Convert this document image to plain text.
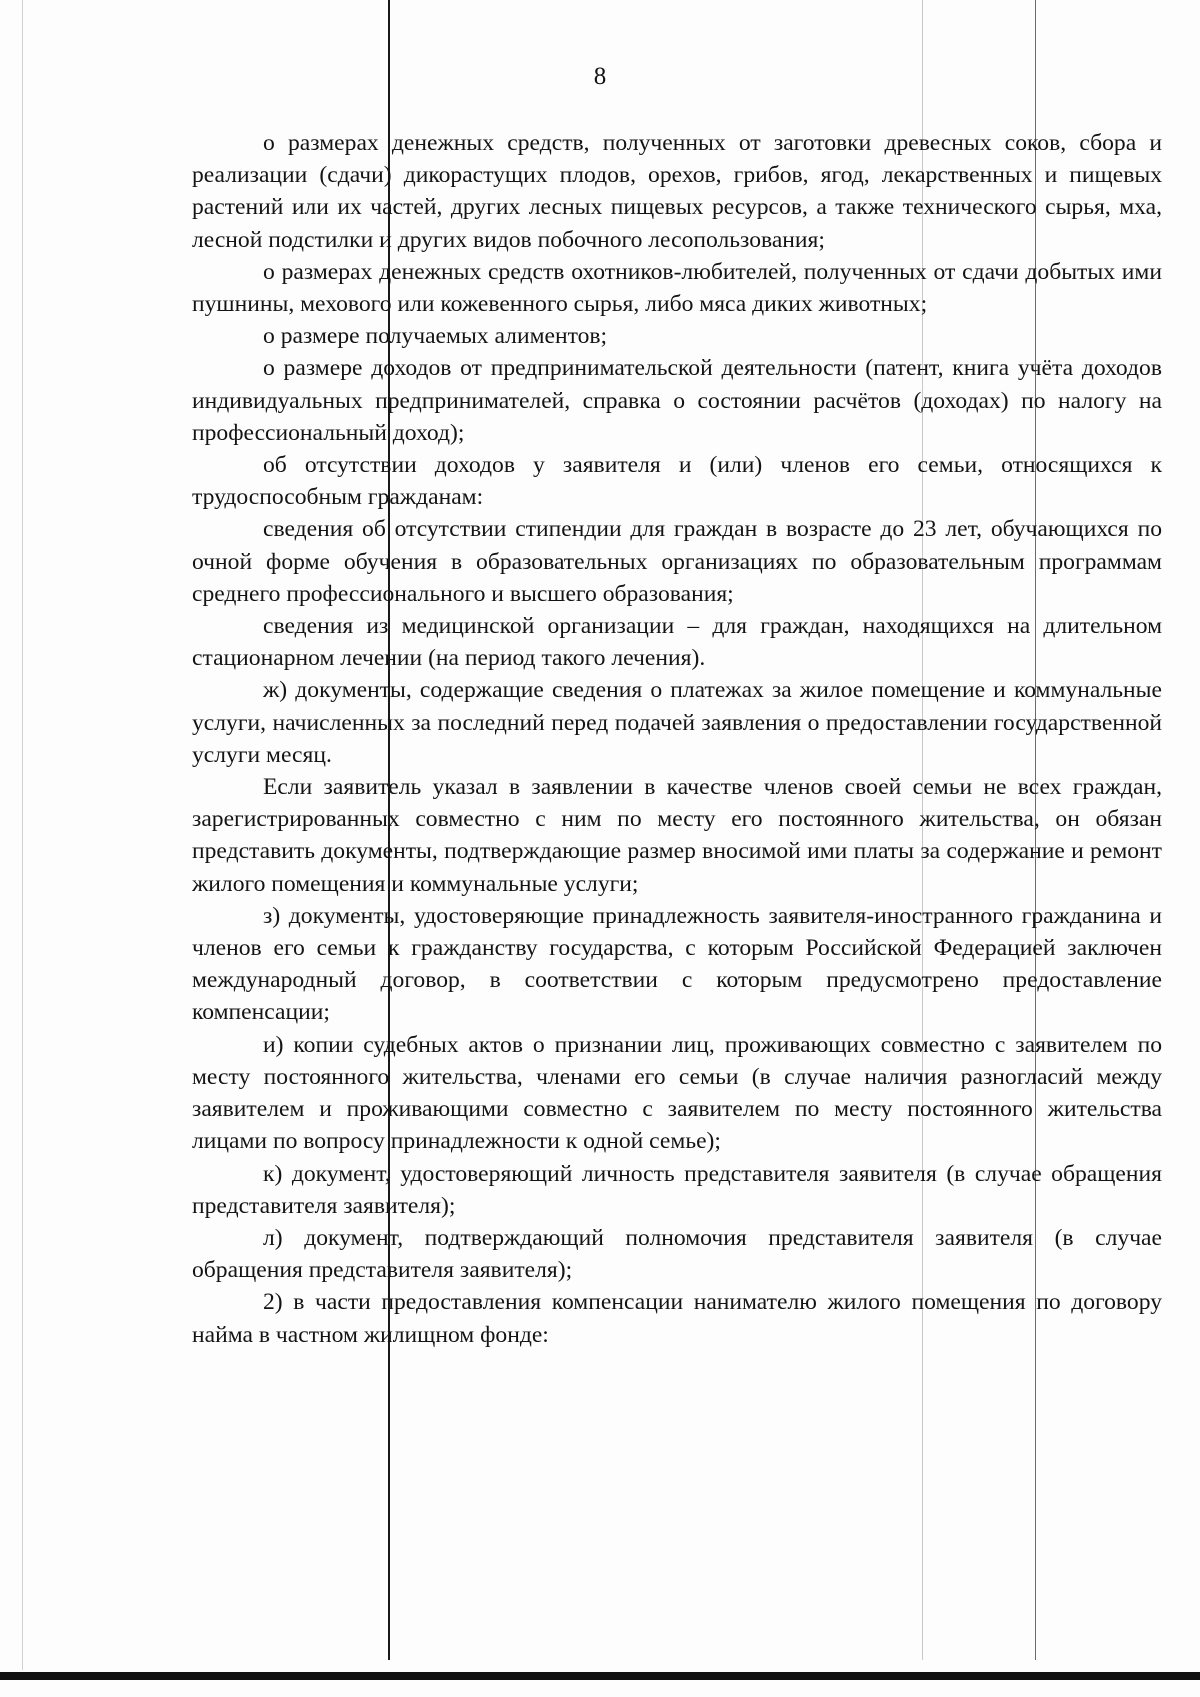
8

о размерах денежных средств, полученных от заготовки древесных соков, сбора и реализации (сдачи) дикорастущих плодов, орехов, грибов, ягод, лекарственных и пищевых растений или их частей, других лесных пищевых ресурсов, а также технического сырья, мха, лесной подстилки и других видов побочного лесопользования;

о размерах денежных средств охотников-любителей, полученных от сдачи добытых ими пушнины, мехового или кожевенного сырья, либо мяса диких животных;

о размере получаемых алиментов;

о размере доходов от предпринимательской деятельности (патент, книга учёта доходов индивидуальных предпринимателей, справка о состоянии расчётов (доходах) по налогу на профессиональный доход);

об отсутствии доходов у заявителя и (или) членов его семьи, относящихся к трудоспособным гражданам:

сведения об отсутствии стипендии для граждан в возрасте до 23 лет, обучающихся по очной форме обучения в образовательных организациях по образовательным программам среднего профессионального и высшего образования;

сведения из медицинской организации – для граждан, находящихся на длительном стационарном лечении (на период такого лечения).

ж) документы, содержащие сведения о платежах за жилое помещение и коммунальные услуги, начисленных за последний перед подачей заявления о предоставлении государственной услуги месяц.

Если заявитель указал в заявлении в качестве членов своей семьи не всех граждан, зарегистрированных совместно с ним по месту его постоянного жительства, он обязан представить документы, подтверждающие размер вносимой ими платы за содержание и ремонт жилого помещения и коммунальные услуги;

з) документы, удостоверяющие принадлежность заявителя-иностранного гражданина и членов его семьи к гражданству государства, с которым Российской Федерацией заключен международный договор, в соответствии с которым предусмотрено предоставление компенсации;

и) копии судебных актов о признании лиц, проживающих совместно с заявителем по месту постоянного жительства, членами его семьи (в случае наличия разногласий между заявителем и проживающими совместно с заявителем по месту постоянного жительства лицами по вопросу принадлежности к одной семье);

к) документ, удостоверяющий личность представителя заявителя (в случае обращения представителя заявителя);

л) документ, подтверждающий полномочия представителя заявителя (в случае обращения представителя заявителя);

2) в части предоставления компенсации нанимателю жилого помещения по договору найма в частном жилищном фонде:
